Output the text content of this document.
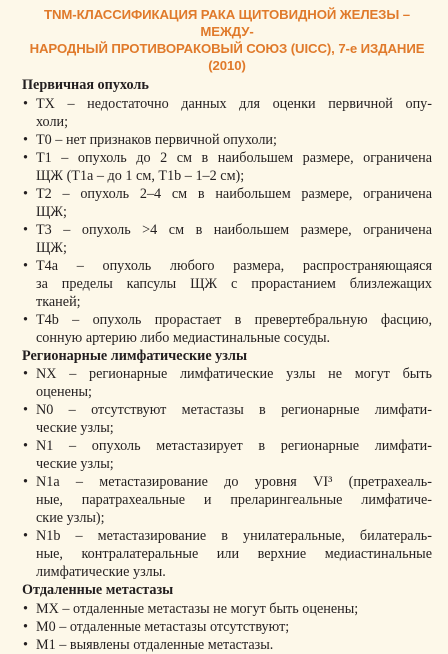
TNM-КЛАССИФИКАЦИЯ РАКА ЩИТОВИДНОЙ ЖЕЛЕЗЫ – МЕЖДУ-
НАРОДНЫЙ ПРОТИВОРАКОВЫЙ СОЮЗ (UICC), 7-е ИЗДАНИЕ (2010)
Первичная опухоль
• TX – недостаточно данных для оценки первичной опу-
холи;
• T0 – нет признаков первичной опухоли;
• T1 – опухоль до 2 см в наибольшем размере, ограничена
ЩЖ (T1a – до 1 см, T1b – 1–2 см);
• T2 – опухоль 2–4 см в наибольшем размере, ограничена
ЩЖ;
• T3 – опухоль >4 см в наибольшем размере, ограничена
ЩЖ;
• T4a – опухоль любого размера, распространяющаяся
за пределы капсулы ЩЖ с прорастанием близлежащих
тканей;
• T4b – опухоль прорастает в превертебральную фасцию,
сонную артерию либо медиастинальные сосуды.
Регионарные лимфатические узлы
• NX – регионарные лимфатические узлы не могут быть
оценены;
• N0 – отсутствуют метастазы в регионарные лимфати-
ческие узлы;
• N1 – опухоль метастазирует в регионарные лимфати-
ческие узлы;
• N1a – метастазирование до уровня VI³ (претрахеаль-
ные, паратрахеальные и преларингеальные лимфатиче-
ские узлы);
• N1b – метастазирование в унилатеральные, билатераль-
ные, контралатеральные или верхние медиастинальные
лимфатические узлы.
Отдаленные метастазы
• MX – отдаленные метастазы не могут быть оценены;
• M0 – отдаленные метастазы отсутствуют;
• M1 – выявлены отдаленные метастазы.
